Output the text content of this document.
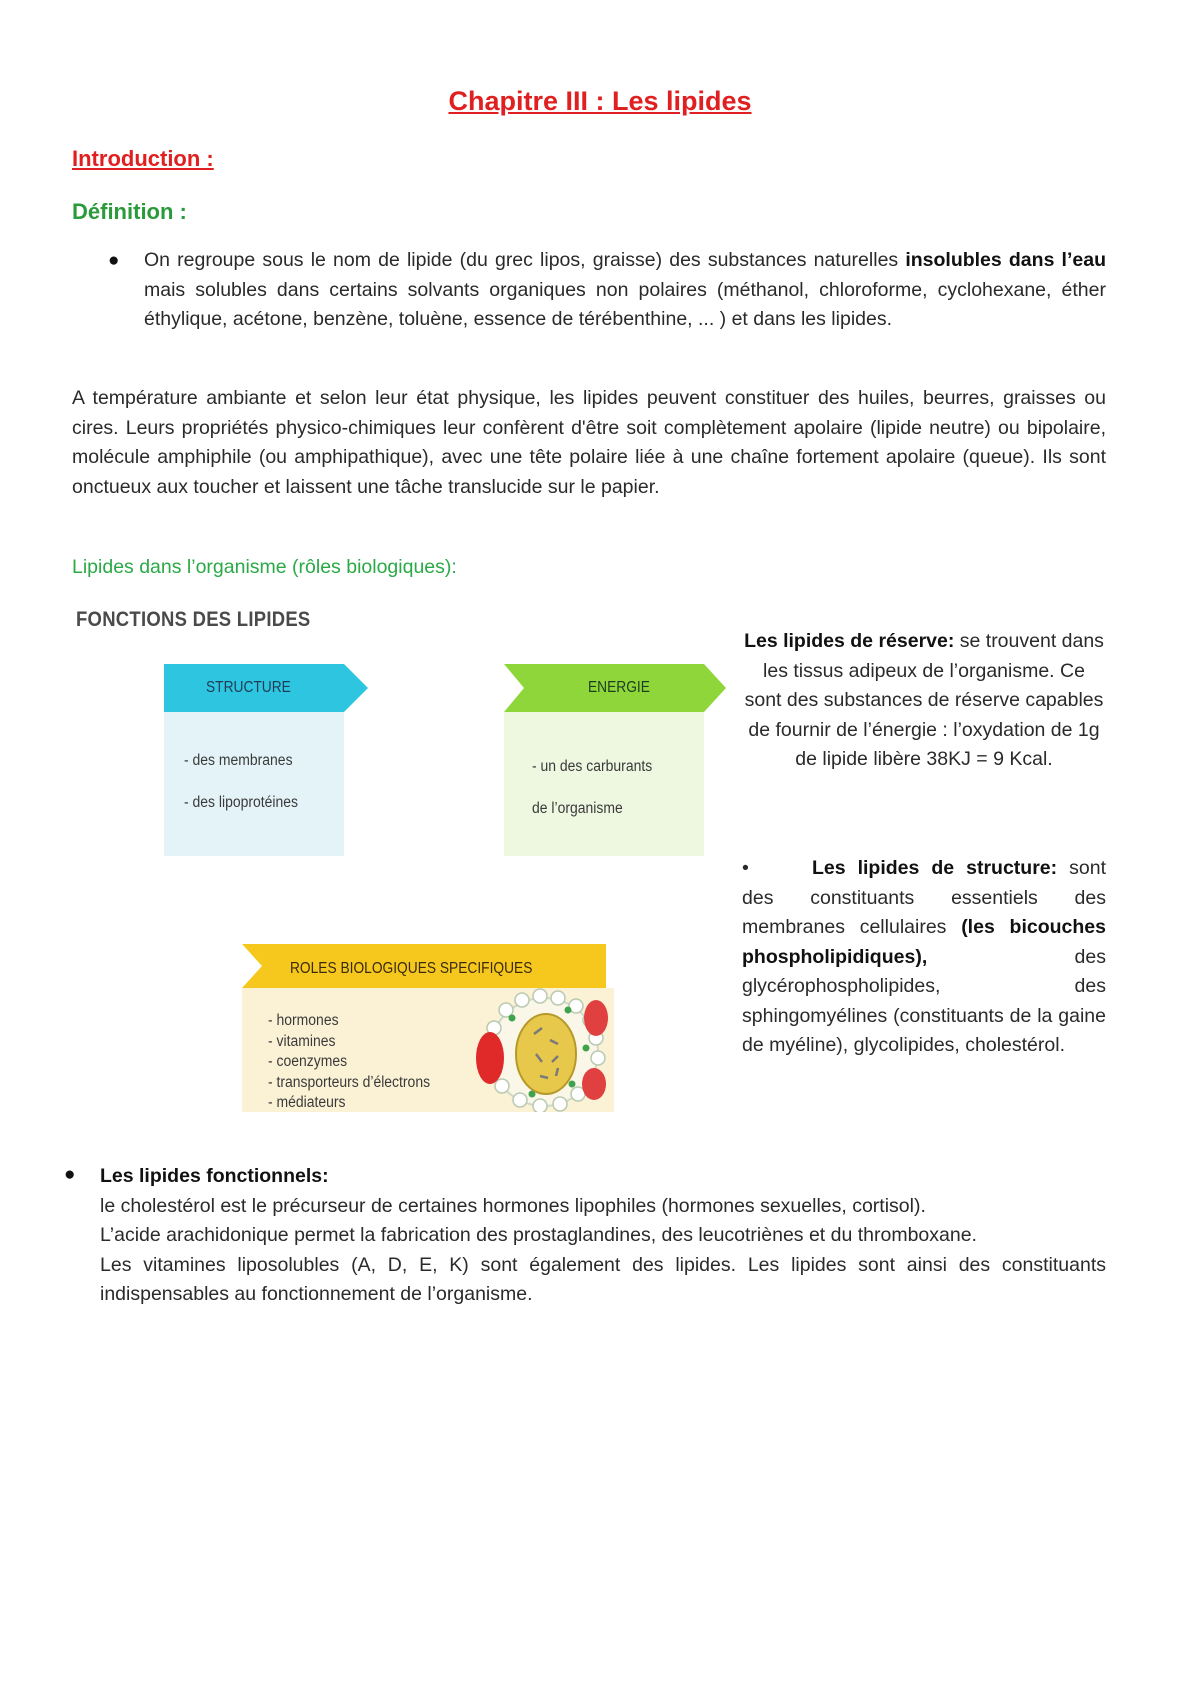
Chapitre III : Les lipides
Introduction :
Définition :
● On regroupe sous le nom de lipide (du grec lipos, graisse) des substances naturelles insolubles dans l’eau mais solubles dans certains solvants organiques non polaires (méthanol, chloroforme, cyclohexane, éther éthylique, acétone, benzène, toluène, essence de térébenthine, ... ) et dans les lipides.
A température ambiante et selon leur état physique, les lipides peuvent constituer des huiles, beurres, graisses ou cires. Leurs propriétés physico-chimiques leur confèrent d'être soit complètement apolaire (lipide neutre) ou bipolaire, molécule amphiphile (ou amphipathique), avec une tête polaire liée à une chaîne fortement apolaire (queue). Ils sont onctueux aux toucher et laissent une tâche translucide sur le papier.
Lipides dans l’organisme (rôles biologiques):
FONCTIONS DES LIPIDES
STRUCTURE
- des membranes
- des lipoprotéines
ENERGIE
- un des carburants
de l’organisme
ROLES BIOLOGIQUES SPECIFIQUES
- hormones
- vitamines
- coenzymes
- transporteurs d’électrons
- médiateurs
Les lipides de réserve: se trouvent dans les tissus adipeux de l’organisme. Ce sont des substances de réserve capables de fournir de l’énergie : l’oxydation de 1g de lipide libère 38KJ = 9 Kcal.
•	Les lipides de structure: sont des constituants essentiels des membranes cellulaires (les bicouches phospholipidiques), des glycérophospholipides, des sphingomyélines (constituants de la gaine de myéline), glycolipides, cholestérol.
● Les lipides fonctionnels:
le cholestérol est le précurseur de certaines hormones lipophiles (hormones sexuelles, cortisol).
L’acide arachidonique permet la fabrication des prostaglandines, des leucotriènes et du thromboxane.
Les vitamines liposolubles (A, D, E, K) sont également des lipides. Les lipides sont ainsi des constituants indispensables au fonctionnement de l’organisme.
